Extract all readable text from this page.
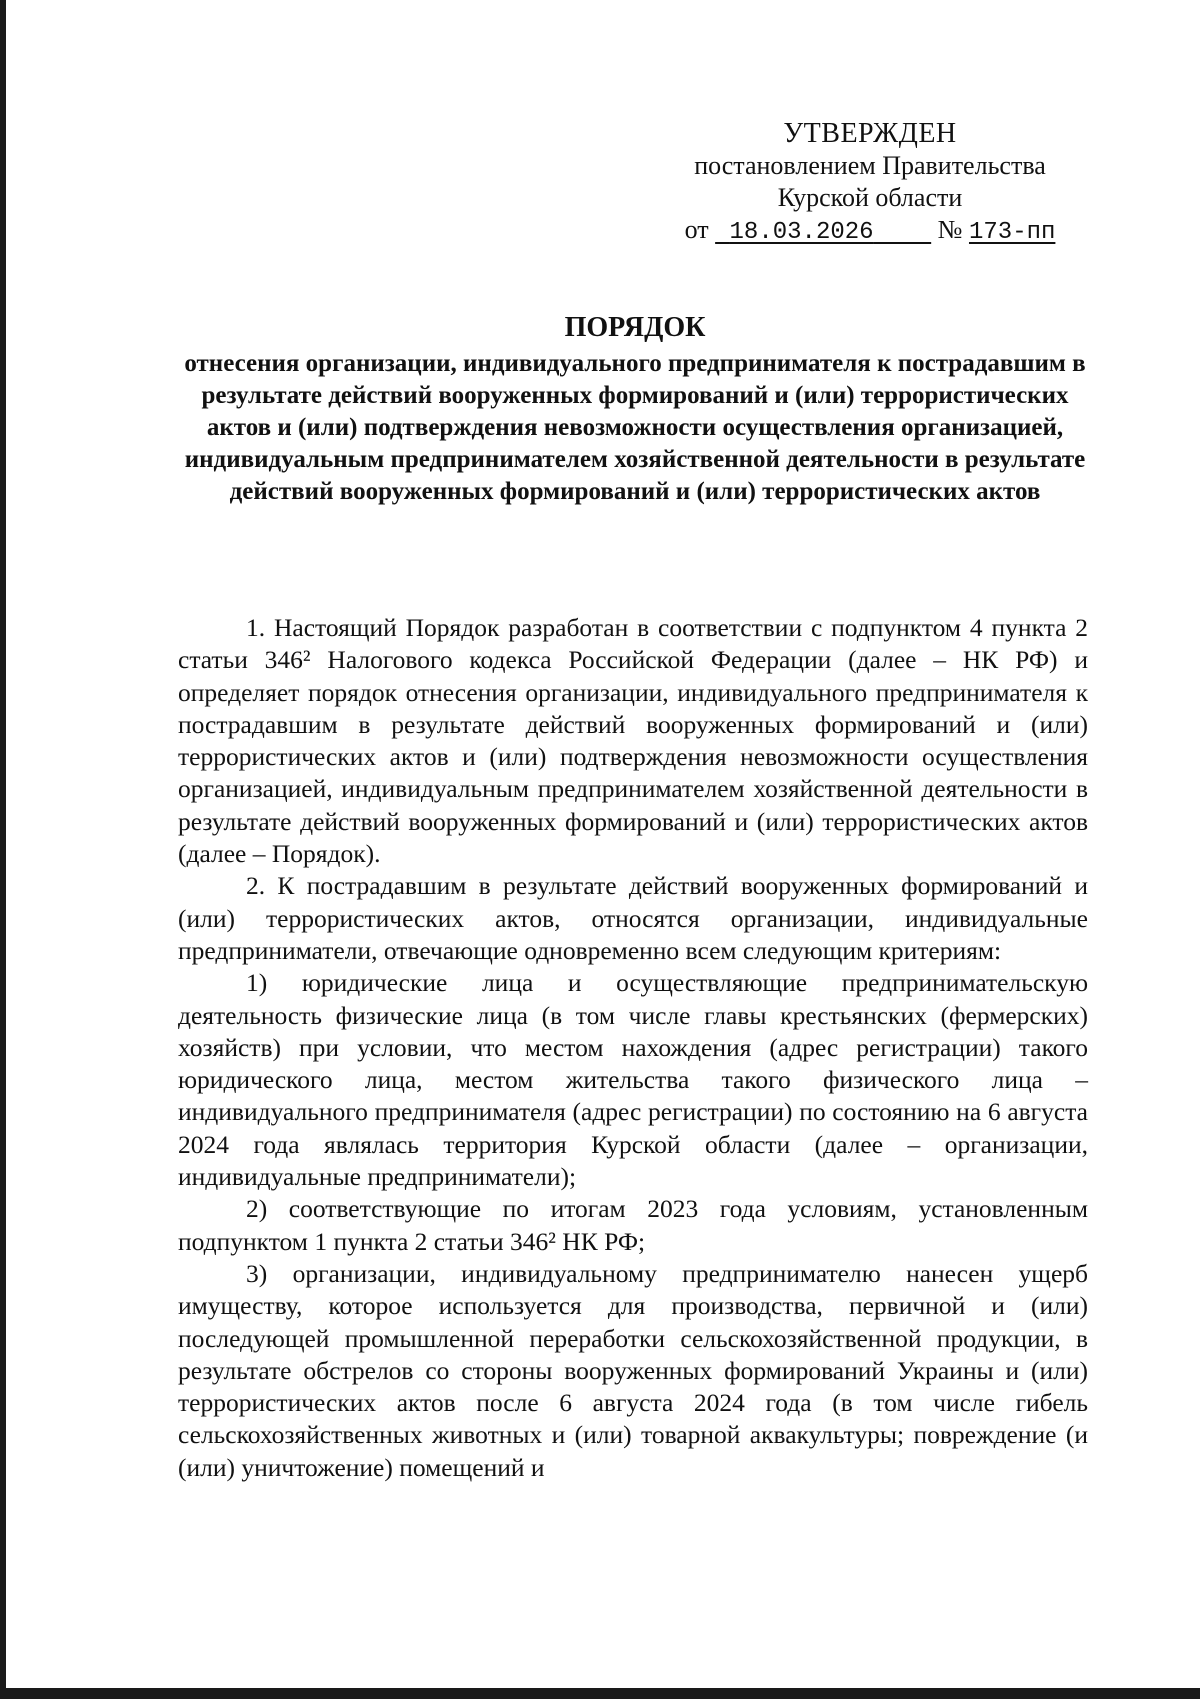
УТВЕРЖДЕН
постановлением Правительства
Курской области
от 18.03.2026 № 173-пп
ПОРЯДОК
отнесения организации, индивидуального предпринимателя к пострадавшим в результате действий вооруженных формирований и (или) террористических актов и (или) подтверждения невозможности осуществления организацией, индивидуальным предпринимателем хозяйственной деятельности в результате действий вооруженных формирований и (или) террористических актов

1. Настоящий Порядок разработан в соответствии с подпунктом 4 пункта 2 статьи 346² Налогового кодекса Российской Федерации (далее – НК РФ) и определяет порядок отнесения организации, индивидуального предпринимателя к пострадавшим в результате действий вооруженных формирований и (или) террористических актов и (или) подтверждения невозможности осуществления организацией, индивидуальным предпринимателем хозяйственной деятельности в результате действий вооруженных формирований и (или) террористических актов (далее – Порядок).

2. К пострадавшим в результате действий вооруженных формирований и (или) террористических актов, относятся организации, индивидуальные предприниматели, отвечающие одновременно всем следующим критериям:

1) юридические лица и осуществляющие предпринимательскую деятельность физические лица (в том числе главы крестьянских (фермерских) хозяйств) при условии, что местом нахождения (адрес регистрации) такого юридического лица, местом жительства такого физического лица – индивидуального предпринимателя (адрес регистрации) по состоянию на 6 августа 2024 года являлась территория Курской области (далее – организации, индивидуальные предприниматели);

2) соответствующие по итогам 2023 года условиям, установленным подпунктом 1 пункта 2 статьи 346² НК РФ;

3) организации, индивидуальному предпринимателю нанесен ущерб имуществу, которое используется для производства, первичной и (или) последующей промышленной переработки сельскохозяйственной продукции, в результате обстрелов со стороны вооруженных формирований Украины и (или) террористических актов после 6 августа 2024 года (в том числе гибель сельскохозяйственных животных и (или) товарной аквакультуры; повреждение (и (или) уничтожение) помещений и
